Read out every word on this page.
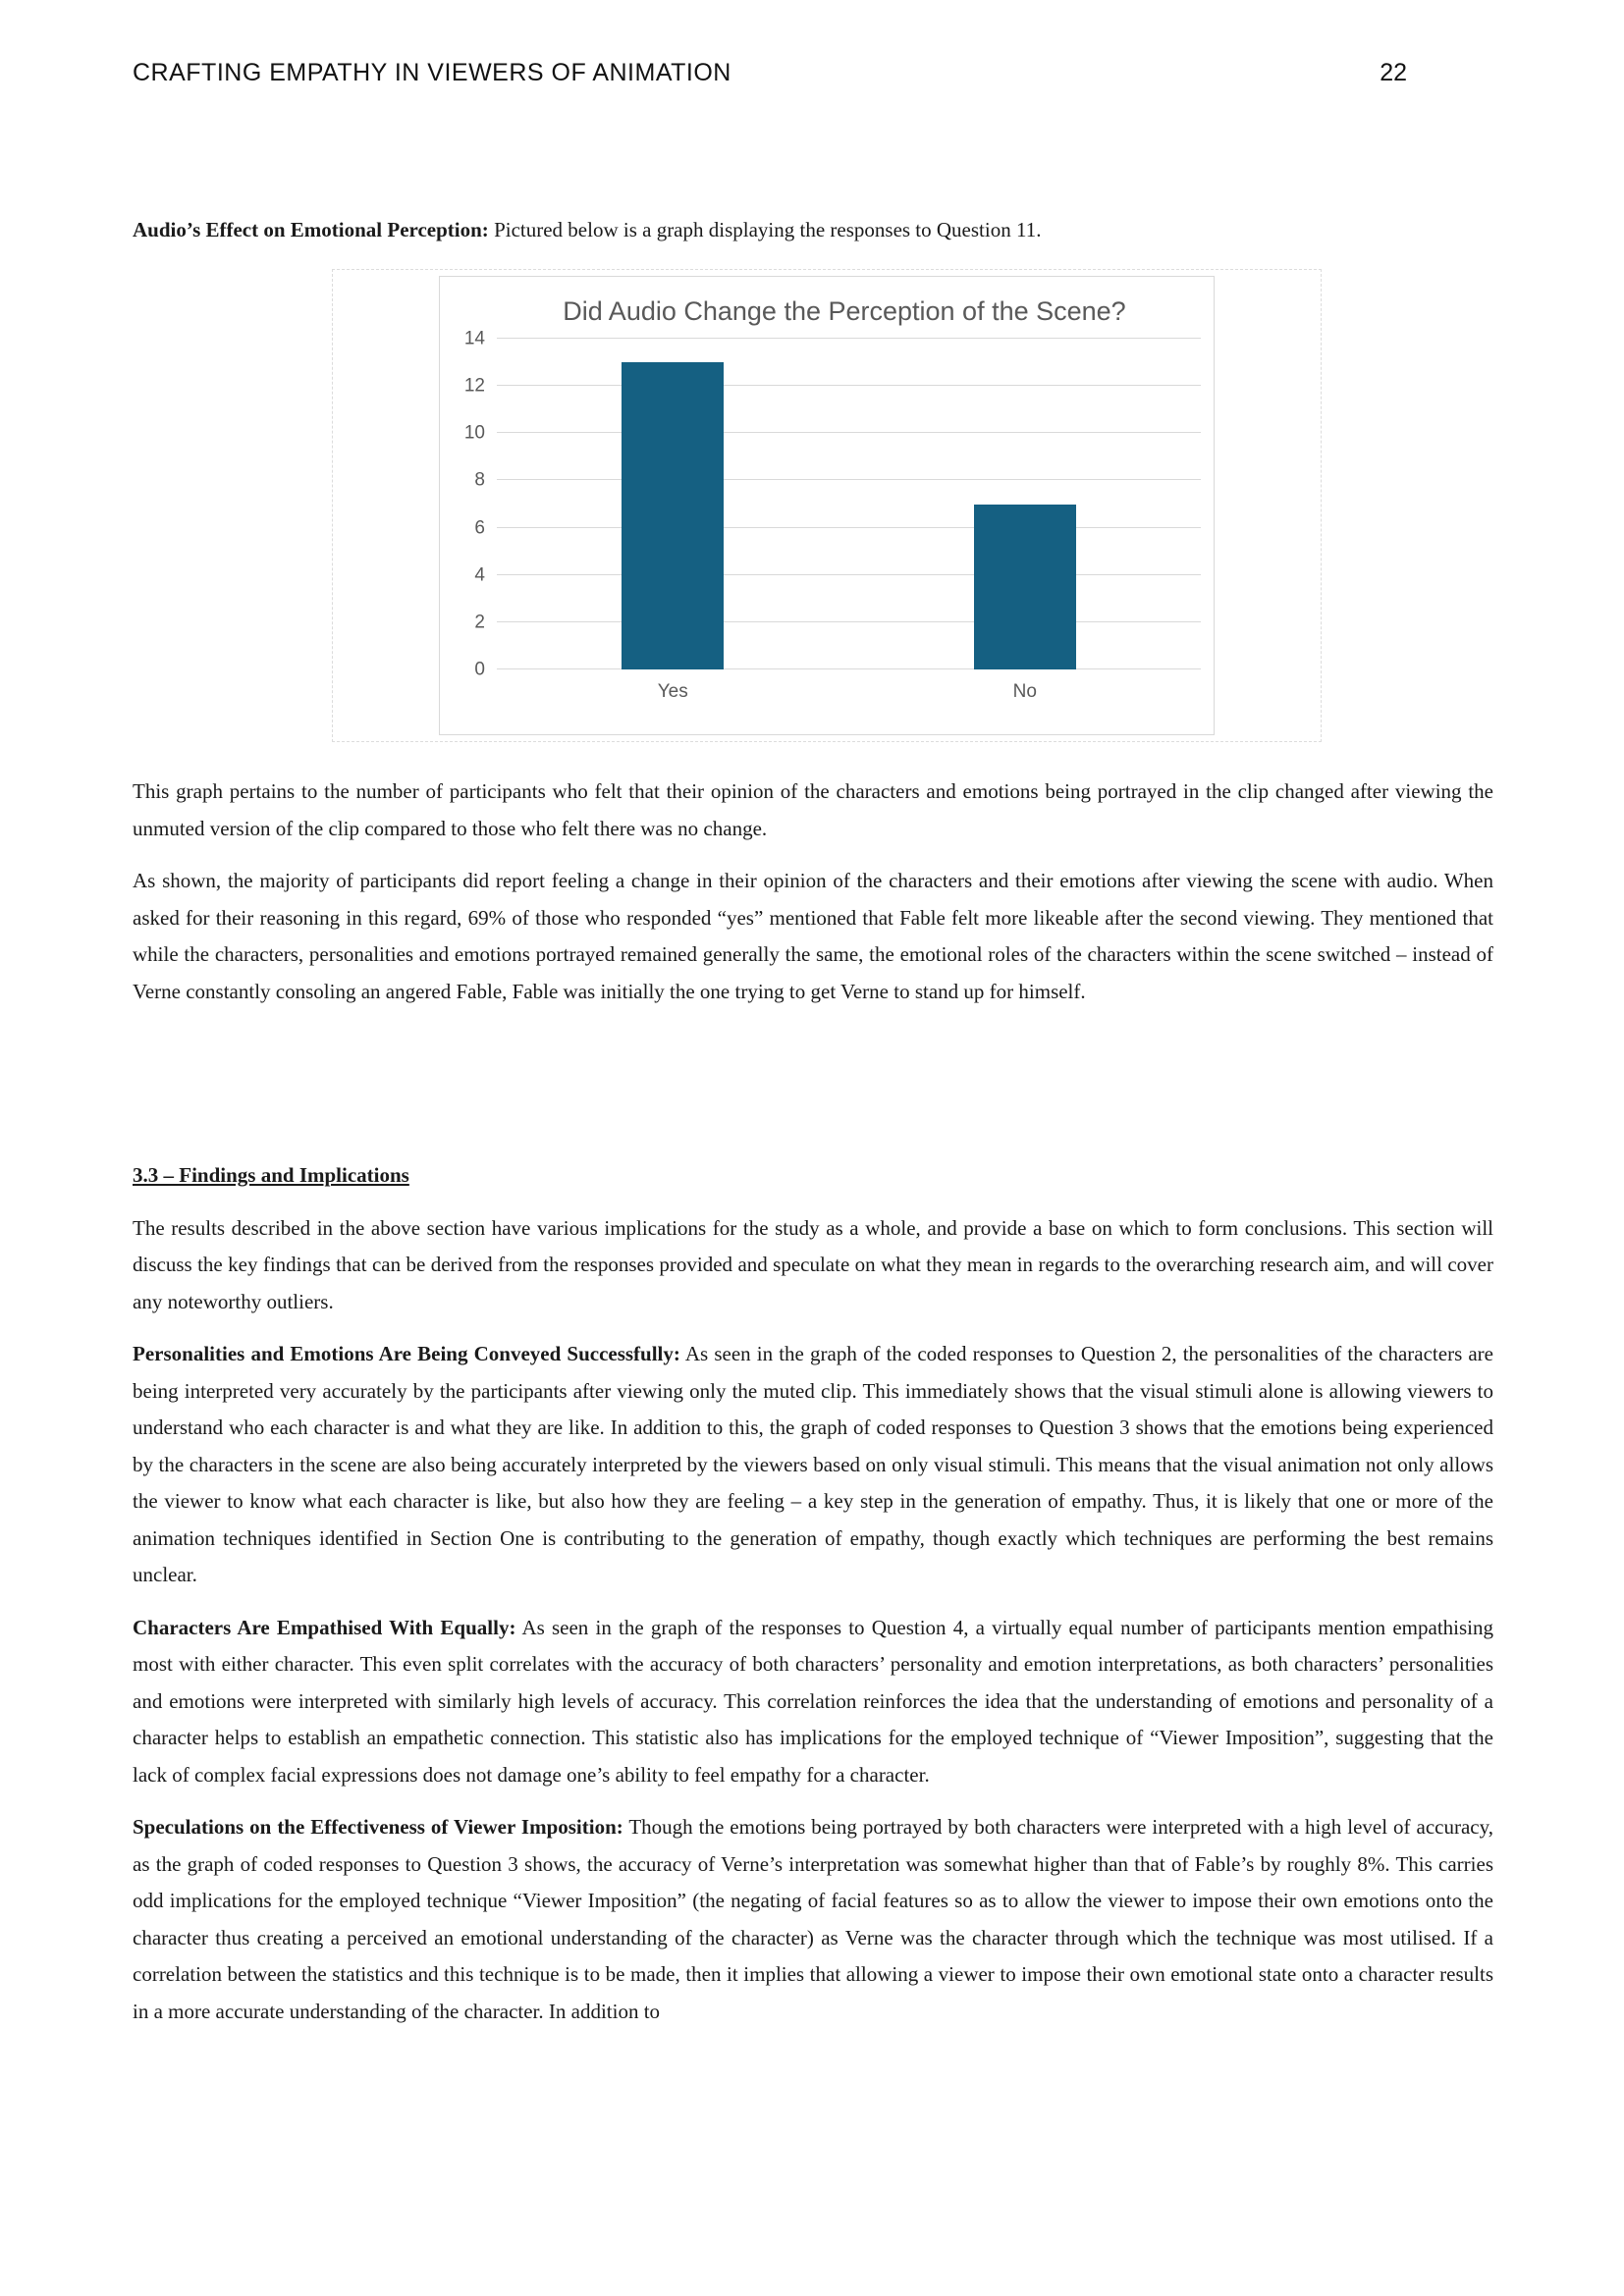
CRAFTING EMPATHY IN VIEWERS OF ANIMATION	22

Audio’s Effect on Emotional Perception: Pictured below is a graph displaying the responses to Question 11.

Did Audio Change the Perception of the Scene?
0
2
4
6
8
10
12
14
Yes	No

This graph pertains to the number of participants who felt that their opinion of the characters and emotions being portrayed in the clip changed after viewing the unmuted version of the clip compared to those who felt there was no change.

As shown, the majority of participants did report feeling a change in their opinion of the characters and their emotions after viewing the scene with audio. When asked for their reasoning in this regard, 69% of those who responded “yes” mentioned that Fable felt more likeable after the second viewing. They mentioned that while the characters, personalities and emotions portrayed remained generally the same, the emotional roles of the characters within the scene switched – instead of Verne constantly consoling an angered Fable, Fable was initially the one trying to get Verne to stand up for himself.

3.3 – Findings and Implications

The results described in the above section have various implications for the study as a whole, and provide a base on which to form conclusions. This section will discuss the key findings that can be derived from the responses provided and speculate on what they mean in regards to the overarching research aim, and will cover any noteworthy outliers.

Personalities and Emotions Are Being Conveyed Successfully: As seen in the graph of the coded responses to Question 2, the personalities of the characters are being interpreted very accurately by the participants after viewing only the muted clip. This immediately shows that the visual stimuli alone is allowing viewers to understand who each character is and what they are like. In addition to this, the graph of coded responses to Question 3 shows that the emotions being experienced by the characters in the scene are also being accurately interpreted by the viewers based on only visual stimuli. This means that the visual animation not only allows the viewer to know what each character is like, but also how they are feeling – a key step in the generation of empathy. Thus, it is likely that one or more of the animation techniques identified in Section One is contributing to the generation of empathy, though exactly which techniques are performing the best remains unclear.

Characters Are Empathised With Equally: As seen in the graph of the responses to Question 4, a virtually equal number of participants mention empathising most with either character. This even split correlates with the accuracy of both characters’ personality and emotion interpretations, as both characters’ personalities and emotions were interpreted with similarly high levels of accuracy. This correlation reinforces the idea that the understanding of emotions and personality of a character helps to establish an empathetic connection. This statistic also has implications for the employed technique of “Viewer Imposition”, suggesting that the lack of complex facial expressions does not damage one’s ability to feel empathy for a character.

Speculations on the Effectiveness of Viewer Imposition: Though the emotions being portrayed by both characters were interpreted with a high level of accuracy, as the graph of coded responses to Question 3 shows, the accuracy of Verne’s interpretation was somewhat higher than that of Fable’s by roughly 8%. This carries odd implications for the employed technique “Viewer Imposition” (the negating of facial features so as to allow the viewer to impose their own emotions onto the character thus creating a perceived an emotional understanding of the character) as Verne was the character through which the technique was most utilised. If a correlation between the statistics and this technique is to be made, then it implies that allowing a viewer to impose their own emotional state onto a character results in a more accurate understanding of the character. In addition to
